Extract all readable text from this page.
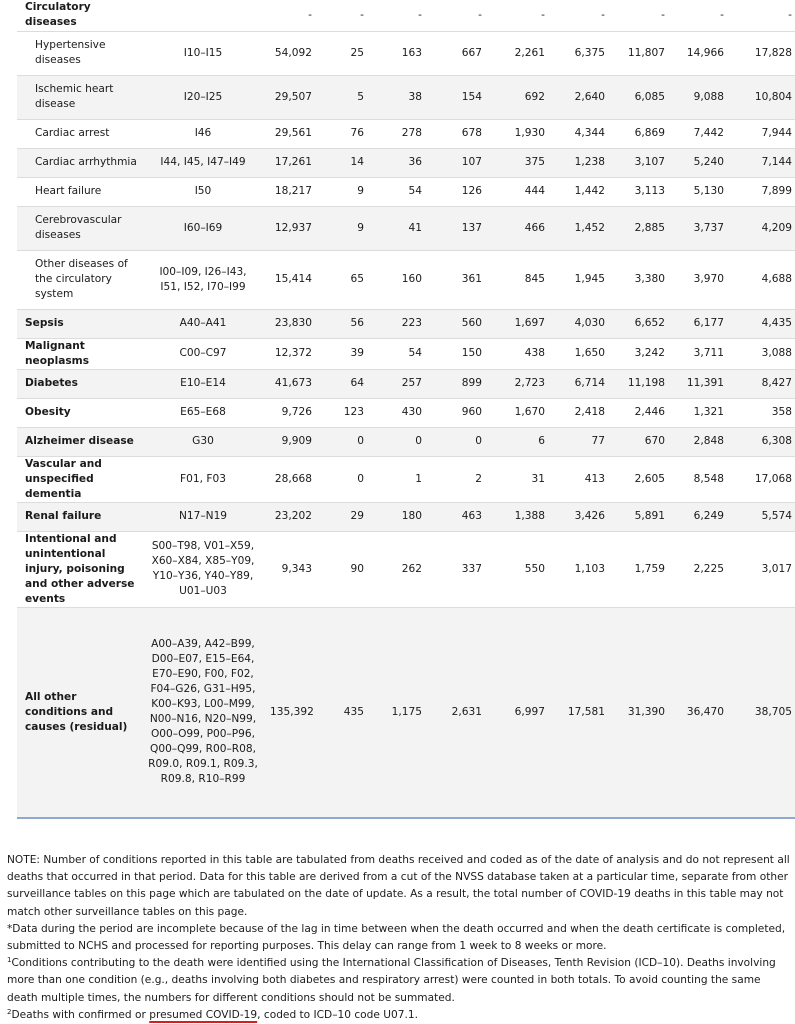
Circulatory diseases		-	-	-	-	-	-	-	-	-
Hypertensive diseases	I10–I15	54,092	25	163	667	2,261	6,375	11,807	14,966	17,828
Ischemic heart disease	I20–I25	29,507	5	38	154	692	2,640	6,085	9,088	10,804
Cardiac arrest	I46	29,561	76	278	678	1,930	4,344	6,869	7,442	7,944
Cardiac arrhythmia	I44, I45, I47–I49	17,261	14	36	107	375	1,238	3,107	5,240	7,144
Heart failure	I50	18,217	9	54	126	444	1,442	3,113	5,130	7,899
Cerebrovascular diseases	I60–I69	12,937	9	41	137	466	1,452	2,885	3,737	4,209
Other diseases of the circulatory system	I00–I09, I26–I43, I51, I52, I70–I99	15,414	65	160	361	845	1,945	3,380	3,970	4,688
Sepsis	A40–A41	23,830	56	223	560	1,697	4,030	6,652	6,177	4,435
Malignant neoplasms	C00–C97	12,372	39	54	150	438	1,650	3,242	3,711	3,088
Diabetes	E10–E14	41,673	64	257	899	2,723	6,714	11,198	11,391	8,427
Obesity	E65–E68	9,726	123	430	960	1,670	2,418	2,446	1,321	358
Alzheimer disease	G30	9,909	0	0	0	6	77	670	2,848	6,308
Vascular and unspecified dementia	F01, F03	28,668	0	1	2	31	413	2,605	8,548	17,068
Renal failure	N17–N19	23,202	29	180	463	1,388	3,426	5,891	6,249	5,574
Intentional and unintentional injury, poisoning and other adverse events	S00–T98, V01–X59, X60–X84, X85–Y09, Y10–Y36, Y40–Y89, U01–U03	9,343	90	262	337	550	1,103	1,759	2,225	3,017
All other conditions and causes (residual)	A00–A39, A42–B99, D00–E07, E15–E64, E70–E90, F00, F02, F04–G26, G31–H95, K00–K93, L00–M99, N00–N16, N20–N99, O00–O99, P00–P96, Q00–Q99, R00–R08, R09.0, R09.1, R09.3, R09.8, R10–R99	135,392	435	1,175	2,631	6,997	17,581	31,390	36,470	38,705

NOTE: Number of conditions reported in this table are tabulated from deaths received and coded as of the date of analysis and do not represent all deaths that occurred in that period. Data for this table are derived from a cut of the NVSS database taken at a particular time, separate from other surveillance tables on this page which are tabulated on the date of update. As a result, the total number of COVID-19 deaths in this table may not match other surveillance tables on this page.

*Data during the period are incomplete because of the lag in time between when the death occurred and when the death certificate is completed, submitted to NCHS and processed for reporting purposes. This delay can range from 1 week to 8 weeks or more.

$^1$Conditions contributing to the death were identified using the International Classification of Diseases, Tenth Revision (ICD–10). Deaths involving more than one condition (e.g., deaths involving both diabetes and respiratory arrest) were counted in both totals. To avoid counting the same death multiple times, the numbers for different conditions should not be summated.

$^2$Deaths with confirmed or presumed COVID-19, coded to ICD–10 code U07.1.
